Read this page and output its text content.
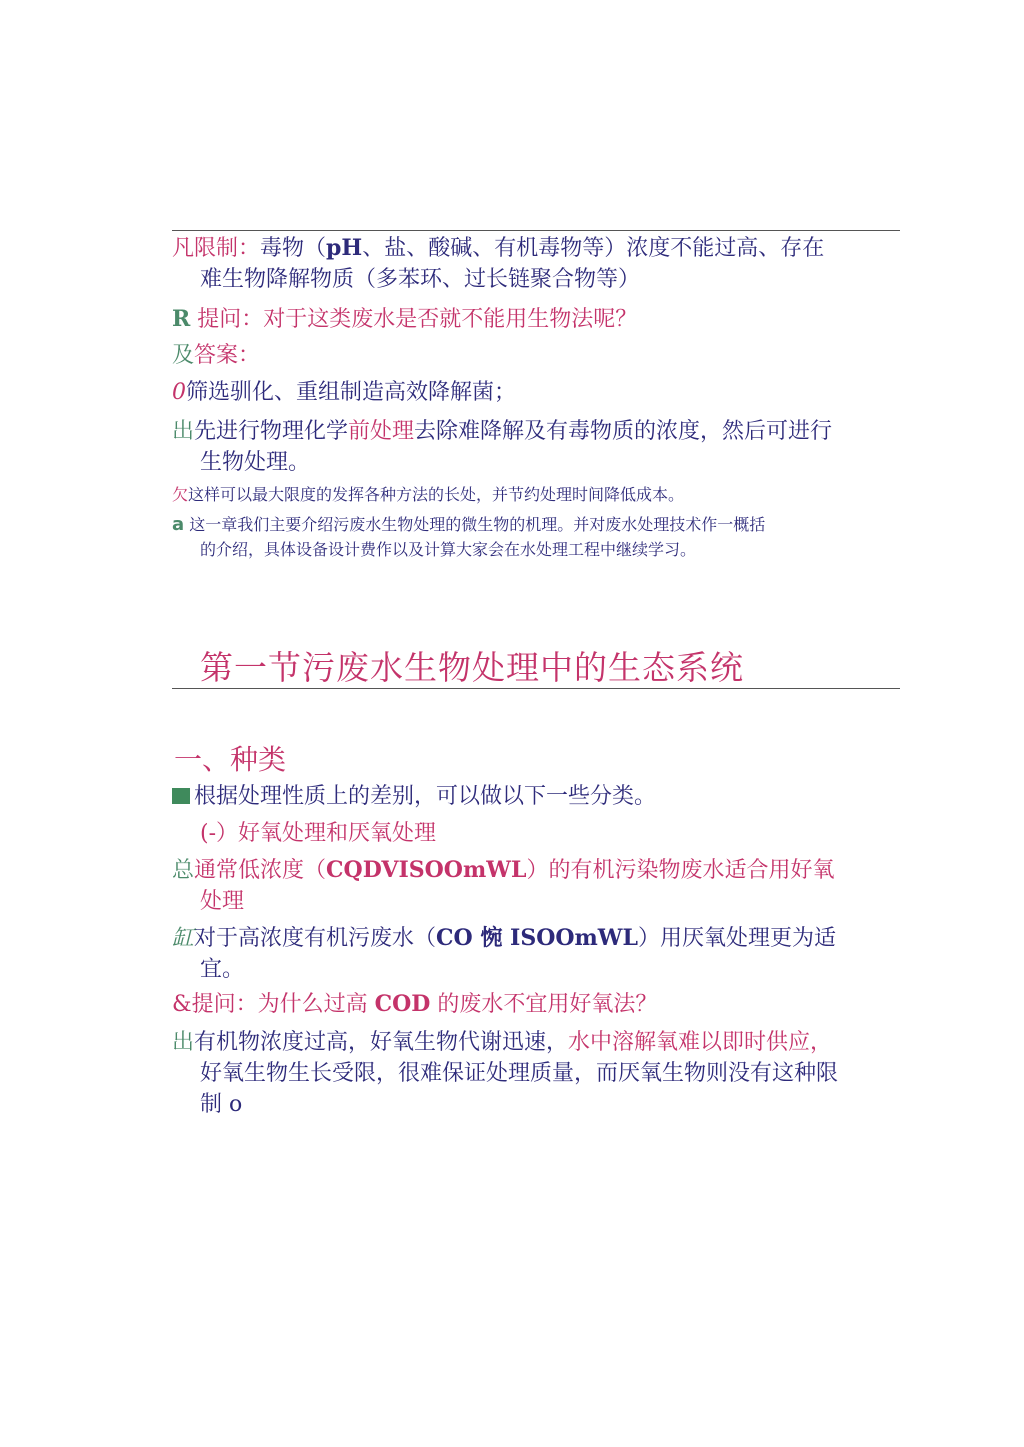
凡限制：毒物（pH、盐、酸碱、有机毒物等）浓度不能过高、存在
难生物降解物质（多苯环、过长链聚合物等）
R 提问：对于这类废水是否就不能用生物法呢？
及答案：
0筛选驯化、重组制造高效降解菌；
出先进行物理化学前处理去除难降解及有毒物质的浓度，然后可进行
生物处理。
欠这样可以最大限度的发挥各种方法的长处，并节约处理时间降低成本。
a 这一章我们主要介绍污废水生物处理的微生物的机理。并对废水处理技术作一概括
的介绍，具体设备设计费作以及计算大家会在水处理工程中继续学习。
第一节污废水生物处理中的生态系统
一、种类
根据处理性质上的差别，可以做以下一些分类。
(-）好氧处理和厌氧处理
总通常低浓度（CQDVISOOmWL）的有机污染物废水适合用好氧
处理
缸对于高浓度有机污废水（CO 惋 ISOOmWL）用厌氧处理更为适
宜。
&提问：为什么过高 COD 的废水不宜用好氧法？
出有机物浓度过高，好氧生物代谢迅速，水中溶解氧难以即时供应，
好氧生物生长受限，很难保证处理质量，而厌氧生物则没有这种限
制 o
